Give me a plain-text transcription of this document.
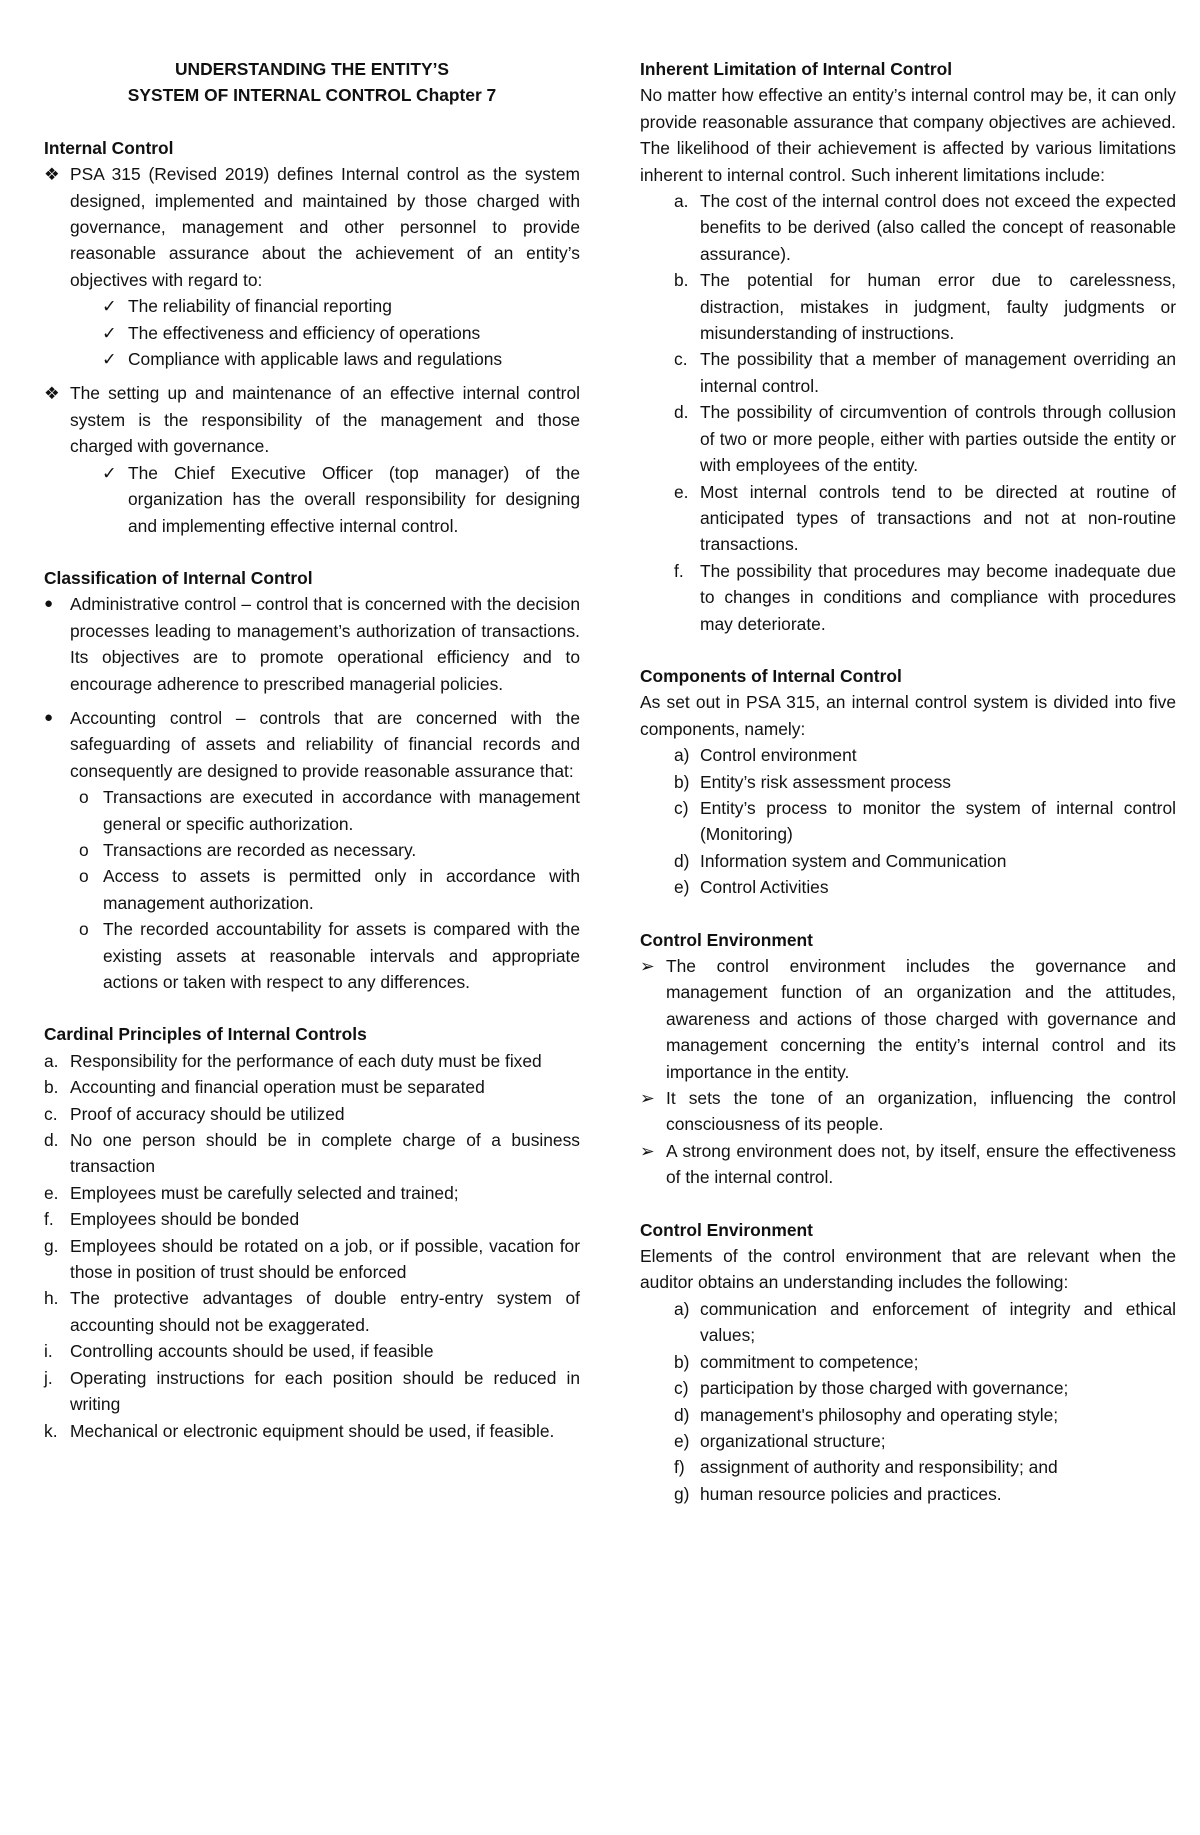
UNDERSTANDING THE ENTITY’S
SYSTEM OF INTERNAL CONTROL Chapter 7
Internal Control
❖ PSA 315 (Revised 2019) defines Internal control as the system designed, implemented and maintained by those charged with governance, management and other personnel to provide reasonable assurance about the achievement of an entity’s objectives with regard to:
✓ The reliability of financial reporting
✓ The effectiveness and efficiency of operations
✓ Compliance with applicable laws and regulations
❖ The setting up and maintenance of an effective internal control system is the responsibility of the management and those charged with governance.
✓ The Chief Executive Officer (top manager) of the organization has the overall responsibility for designing and implementing effective internal control.
Classification of Internal Control
● Administrative control – control that is concerned with the decision processes leading to management’s authorization of transactions. Its objectives are to promote operational efficiency and to encourage adherence to prescribed managerial policies.
● Accounting control – controls that are concerned with the safeguarding of assets and reliability of financial records and consequently are designed to provide reasonable assurance that:
o Transactions are executed in accordance with management general or specific authorization.
o Transactions are recorded as necessary.
o Access to assets is permitted only in accordance with management authorization.
o The recorded accountability for assets is compared with the existing assets at reasonable intervals and appropriate actions or taken with respect to any differences.
Cardinal Principles of Internal Controls
a. Responsibility for the performance of each duty must be fixed
b. Accounting and financial operation must be separated
c. Proof of accuracy should be utilized
d. No one person should be in complete charge of a business transaction
e. Employees must be carefully selected and trained;
f. Employees should be bonded
g. Employees should be rotated on a job, or if possible, vacation for those in position of trust should be enforced
h. The protective advantages of double entry-entry system of accounting should not be exaggerated.
i. Controlling accounts should be used, if feasible
j. Operating instructions for each position should be reduced in writing
k. Mechanical or electronic equipment should be used, if feasible.
Inherent Limitation of Internal Control

No matter how effective an entity’s internal control may be, it can only provide reasonable assurance that company objectives are achieved. The likelihood of their achievement is affected by various limitations inherent to internal control. Such inherent limitations include:

a. The cost of the internal control does not exceed the expected benefits to be derived (also called the concept of reasonable assurance).
b. The potential for human error due to carelessness, distraction, mistakes in judgment, faulty judgments or misunderstanding of instructions.
c. The possibility that a member of management overriding an internal control.
d. The possibility of circumvention of controls through collusion of two or more people, either with parties outside the entity or with employees of the entity.
e. Most internal controls tend to be directed at routine of anticipated types of transactions and not at non-routine transactions.
f. The possibility that procedures may become inadequate due to changes in conditions and compliance with procedures may deteriorate.
Components of Internal Control

As set out in PSA 315, an internal control system is divided into five components, namely:

a) Control environment
b) Entity’s risk assessment process
c) Entity’s process to monitor the system of internal control (Monitoring)
d) Information system and Communication
e) Control Activities
Control Environment
➢ The control environment includes the governance and management function of an organization and the attitudes, awareness and actions of those charged with governance and management concerning the entity’s internal control and its importance in the entity.
➢ It sets the tone of an organization, influencing the control consciousness of its people.
➢ A strong environment does not, by itself, ensure the effectiveness of the internal control.
Control Environment

Elements of the control environment that are relevant when the auditor obtains an understanding includes the following:

a) communication and enforcement of integrity and ethical values;
b) commitment to competence;
c) participation by those charged with governance;
d) management's philosophy and operating style;
e) organizational structure;
f) assignment of authority and responsibility; and
g) human resource policies and practices.
